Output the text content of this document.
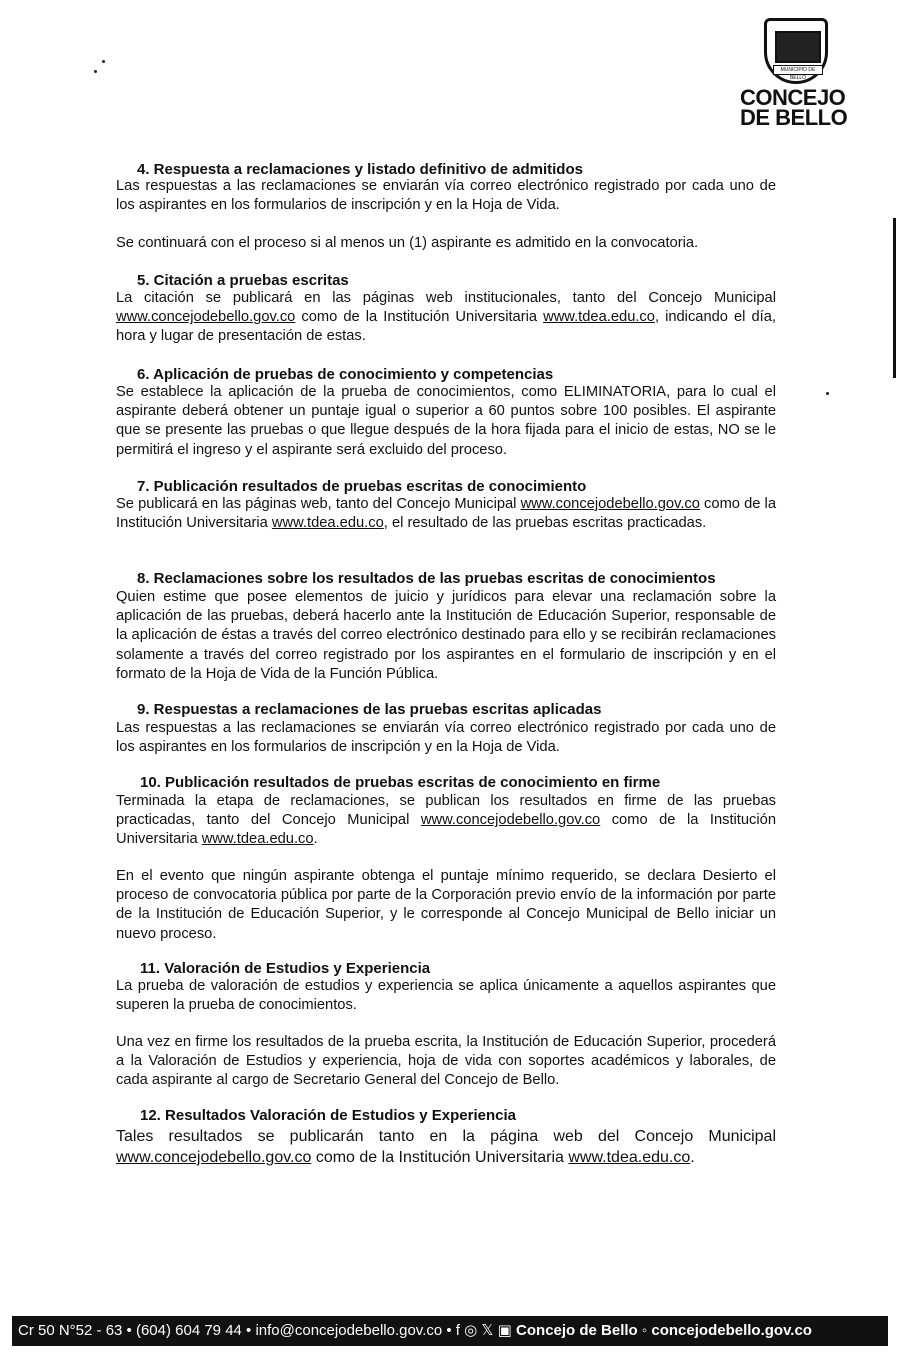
MUNICIPIO DE BELLO
CONCEJO
DE BELLO
4. Respuesta a reclamaciones y listado definitivo de admitidos
Las respuestas a las reclamaciones se enviarán vía correo electrónico registrado por cada uno de los aspirantes en los formularios de inscripción y en la Hoja de Vida.
Se continuará con el proceso si al menos un (1) aspirante es admitido en la convocatoria.
5. Citación a pruebas escritas
La citación se publicará en las páginas web institucionales, tanto del Concejo Municipal www.concejodebello.gov.co como de la Institución Universitaria www.tdea.edu.co, indicando el día, hora y lugar de presentación de estas.
6. Aplicación de pruebas de conocimiento y competencias
Se establece la aplicación de la prueba de conocimientos, como ELIMINATORIA, para lo cual el aspirante deberá obtener un puntaje igual o superior a 60 puntos sobre 100 posibles. El aspirante que se presente las pruebas o que llegue después de la hora fijada para el inicio de estas, NO se le permitirá el ingreso y el aspirante será excluido del proceso.
7. Publicación resultados de pruebas escritas de conocimiento
Se publicará en las páginas web, tanto del Concejo Municipal www.concejodebello.gov.co como de la Institución Universitaria www.tdea.edu.co, el resultado de las pruebas escritas practicadas.
8. Reclamaciones sobre los resultados de las pruebas escritas de conocimientos
Quien estime que posee elementos de juicio y jurídicos para elevar una reclamación sobre la aplicación de las pruebas, deberá hacerlo ante la Institución de Educación Superior, responsable de la aplicación de éstas a través del correo electrónico destinado para ello y se recibirán reclamaciones solamente a través del correo registrado por los aspirantes en el formulario de inscripción y en el formato de la Hoja de Vida de la Función Pública.
9. Respuestas a reclamaciones de las pruebas escritas aplicadas
Las respuestas a las reclamaciones se enviarán vía correo electrónico registrado por cada uno de los aspirantes en los formularios de inscripción y en la Hoja de Vida.
10. Publicación resultados de pruebas escritas de conocimiento en firme
Terminada la etapa de reclamaciones, se publican los resultados en firme de las pruebas practicadas, tanto del Concejo Municipal www.concejodebello.gov.co como de la Institución Universitaria www.tdea.edu.co.
En el evento que ningún aspirante obtenga el puntaje mínimo requerido, se declara Desierto el proceso de convocatoria pública por parte de la Corporación previo envío de la información por parte de la Institución de Educación Superior, y le corresponde al Concejo Municipal de Bello iniciar un nuevo proceso.
11. Valoración de Estudios y Experiencia
La prueba de valoración de estudios y experiencia se aplica únicamente a aquellos aspirantes que superen la prueba de conocimientos.
Una vez en firme los resultados de la prueba escrita, la Institución de Educación Superior, procederá a la Valoración de Estudios y experiencia, hoja de vida con soportes académicos y laborales, de cada aspirante al cargo de Secretario General del Concejo de Bello.
12. Resultados Valoración de Estudios y Experiencia
Tales resultados se publicarán tanto en la página web del Concejo Municipal www.concejodebello.gov.co como de la Institución Universitaria www.tdea.edu.co.
Cr 50 N°52 - 63 • (604) 604 79 44 • info@concejodebello.gov.co • f ◎ 𝕏 ▣ Concejo de Bello ◦ concejodebello.gov.co
